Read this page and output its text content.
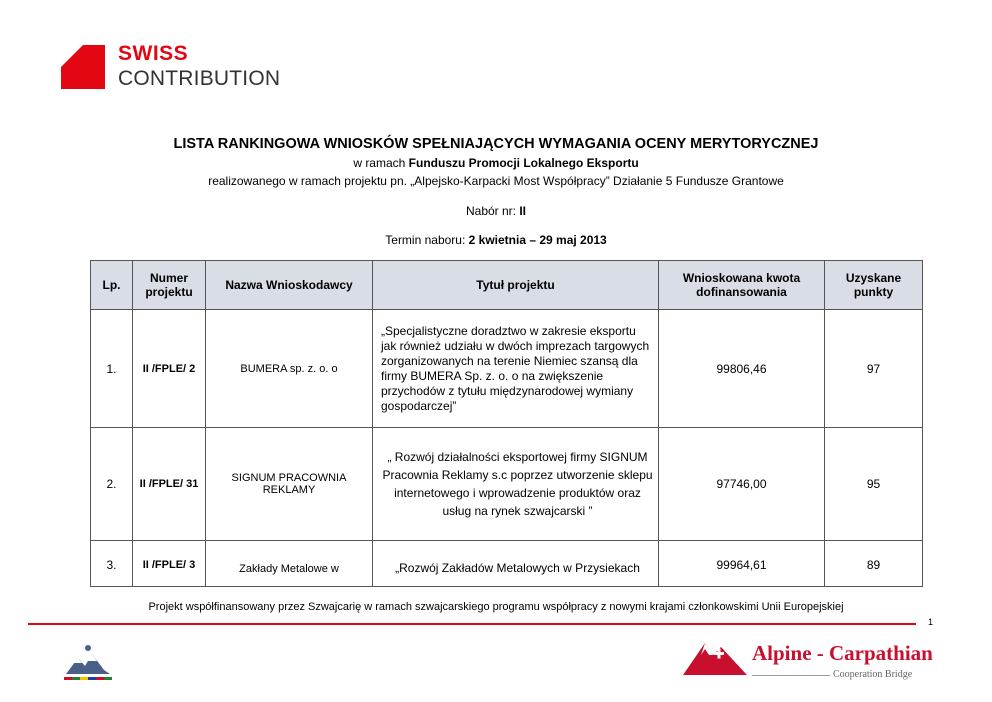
SWISS
CONTRIBUTION
LISTA RANKINGOWA WNIOSKÓW SPEŁNIAJĄCYCH WYMAGANIA OCENY MERYTORYCZNEJ
w ramach Funduszu Promocji Lokalnego Eksportu
realizowanego w ramach projektu pn. „Alpejsko-Karpacki Most Współpracy” Działanie 5 Fundusze Grantowe
Nabór nr: II
Termin naboru: 2 kwietnia – 29 maj 2013
Lp.	Numer projektu	Nazwa Wnioskodawcy	Tytuł projektu	Wnioskowana kwota dofinansowania	Uzyskane punkty
1.	II /FPLE/ 2	BUMERA sp. z. o. o	„Specjalistyczne doradztwo w zakresie eksportu jak również udziału w dwóch imprezach targowych zorganizowanych na terenie Niemiec szansą dla firmy BUMERA Sp. z. o. o na zwiększenie przychodów z tytułu międzynarodowej wymiany gospodarczej”	99806,46	97
2.	II /FPLE/ 31	SIGNUM PRACOWNIA REKLAMY	„ Rozwój działalności eksportowej firmy SIGNUM Pracownia Reklamy s.c poprzez utworzenie sklepu internetowego i wprowadzenie produktów oraz usług na rynek szwajcarski ”	97746,00	95
3.	II /FPLE/ 3	Zakłady Metalowe w	„Rozwój Zakładów Metalowych w Przysiekach	99964,61	89
Projekt współfinansowany przez Szwajcarię w ramach szwajcarskiego programu współpracy z nowymi krajami członkowskimi Unii Europejskiej
1
Alpine - Carpathian
Cooperation Bridge
